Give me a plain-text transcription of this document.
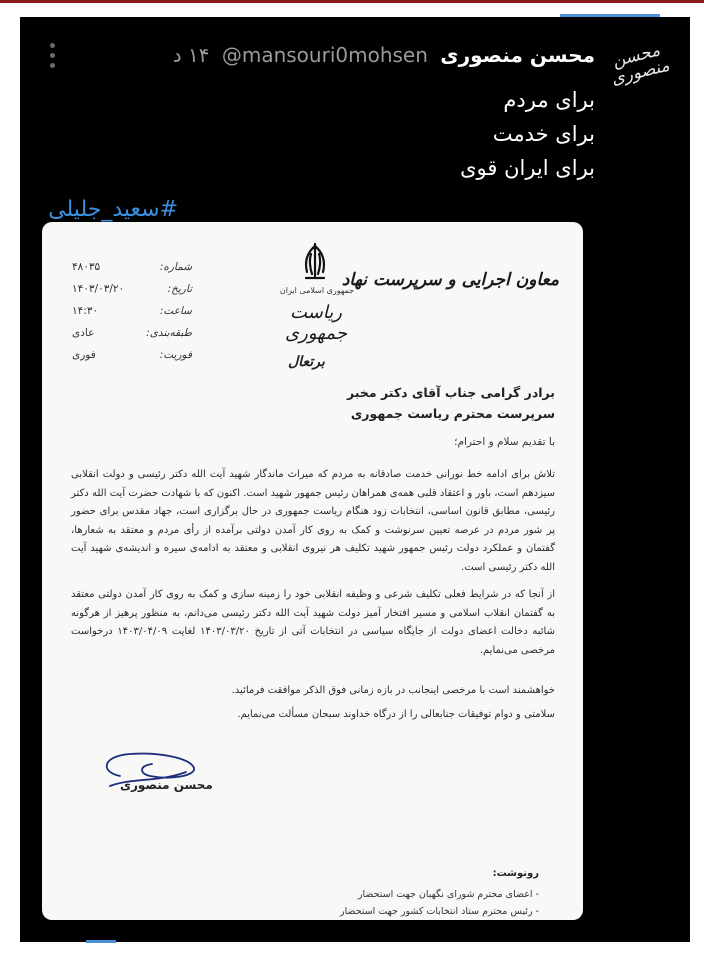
محسن منصوری
محسن منصوری @mansouri0mohsen ۱۴ د
برای مردم
برای خدمت
برای ایران قوی
#سعید_جلیلی
معاون اجرایی و سرپرست نهاد
جمهوری اسلامی ایران
ریاست جمهوری
شماره:
۴۸۰۳۵
تاریخ:
۱۴۰۳/۰۳/۲۰
ساعت:
۱۴:۳۰
طبقه‌بندی:
عادی
فوریت:
فوری	برتعال
برادر گرامی جناب آقای دکتر مخبر
سرپرست محترم ریاست جمهوری
با تقدیم سلام و احترام؛
تلاش برای ادامه خط نورانی خدمت صادقانه به مردم که میراث ماندگار شهید آیت الله دکتر رئیسی و دولت انقلابی سیزدهم است، باور و اعتقاد قلبی همه‌ی همراهان رئیس جمهور شهید است. اکنون که با شهادت حضرت آیت الله دکتر رئیسی، مطابق قانون اساسی، انتخابات زود هنگام ریاست جمهوری در حال برگزاری است، جهاد مقدس برای حضور پر شور مردم در عرصه تعیین سرنوشت و کمک به روی کار آمدن دولتی برآمده از رأی مردم و معتقد به شعارها، گفتمان و عملکرد دولت رئیس جمهور شهید تکلیف هر نیروی انقلابی و معتقد به ادامه‌ی سیره و اندیشه‌ی شهید آیت الله دکتر رئیسی است.
از آنجا که در شرایط فعلی تکلیف شرعی و وظیفه انقلابی خود را زمینه سازی و کمک به روی کار آمدن دولتی معتقد به گفتمان انقلاب اسلامی و مسیر افتخار آمیز دولت شهید آیت الله دکتر رئیسی می‌دانم، به منظور پرهیز از هرگونه شائبه دخالت اعضای دولت از جایگاه سیاسی در انتخابات آتی از تاریخ ۱۴۰۳/۰۳/۲۰ لغایت ۱۴۰۳/۰۴/۰۹ درخواست مرخصی می‌نمایم.
خواهشمند است با مرخصی اینجانب در بازه زمانی فوق الذکر موافقت فرمائید.
سلامتی و دوام توفیقات جنابعالی را از درگاه خداوند سبحان مسألت می‌نمایم.
محسن منصوری
رونوشت:
- اعضای محترم شورای نگهبان جهت استحضار
- رئیس محترم ستاد انتخابات کشور جهت استحضار
